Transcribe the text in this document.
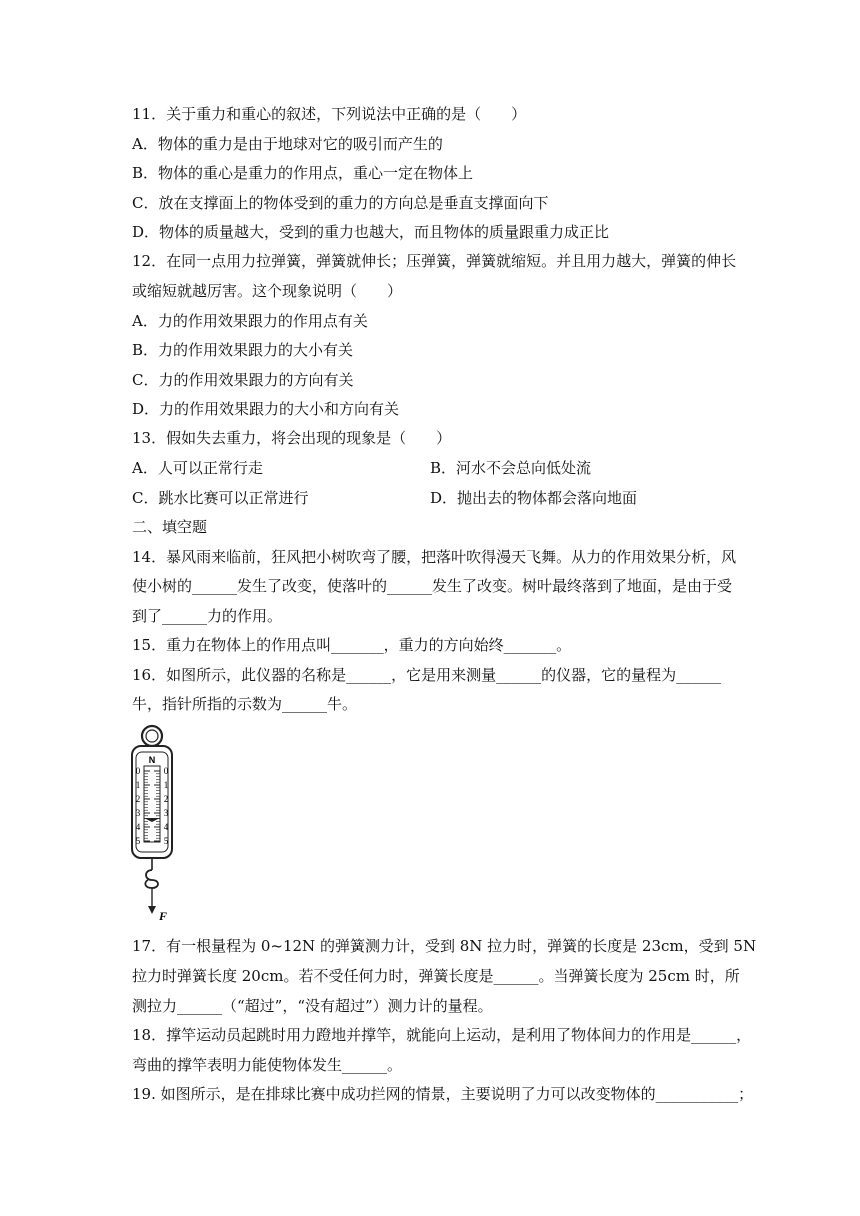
11．关于重力和重心的叙述，下列说法中正确的是（　　）
A．物体的重力是由于地球对它的吸引而产生的
B．物体的重心是重力的作用点，重心一定在物体上
C．放在支撑面上的物体受到的重力的方向总是垂直支撑面向下
D．物体的质量越大，受到的重力也越大，而且物体的质量跟重力成正比
12．在同一点用力拉弹簧，弹簧就伸长；压弹簧，弹簧就缩短。并且用力越大，弹簧的伸长
或缩短就越厉害。这个现象说明（　　）
A．力的作用效果跟力的作用点有关
B．力的作用效果跟力的大小有关
C．力的作用效果跟力的方向有关
D．力的作用效果跟力的大小和方向有关
13．假如失去重力，将会出现的现象是（　　）
A．人可以正常行走	B．河水不会总向低处流
C．跳水比赛可以正常进行	D．抛出去的物体都会落向地面
二、填空题
14．暴风雨来临前，狂风把小树吹弯了腰，把落叶吹得漫天飞舞。从力的作用效果分析，风
使小树的______发生了改变，使落叶的______发生了改变。树叶最终落到了地面，是由于受
到了______力的作用。
15．重力在物体上的作用点叫_______，重力的方向始终_______。
16．如图所示，此仪器的名称是______，它是用来测量______的仪器，它的量程为______
牛，指针所指的示数为______牛。
N
0
1
2
3
4
5
0
1
2
3
4
5
F
17．有一根量程为 0~12N 的弹簧测力计，受到 8N 拉力时，弹簧的长度是 23cm，受到 5N
拉力时弹簧长度 20cm。若不受任何力时，弹簧长度是______。当弹簧长度为 25cm 时，所
测拉力______（“超过”，“没有超过”）测力计的量程。
18．撑竿运动员起跳时用力蹬地并撑竿，就能向上运动，是利用了物体间力的作用是______，
弯曲的撑竿表明力能使物体发生______。
19. 如图所示，是在排球比赛中成功拦网的情景，主要说明了力可以改变物体的___________；
